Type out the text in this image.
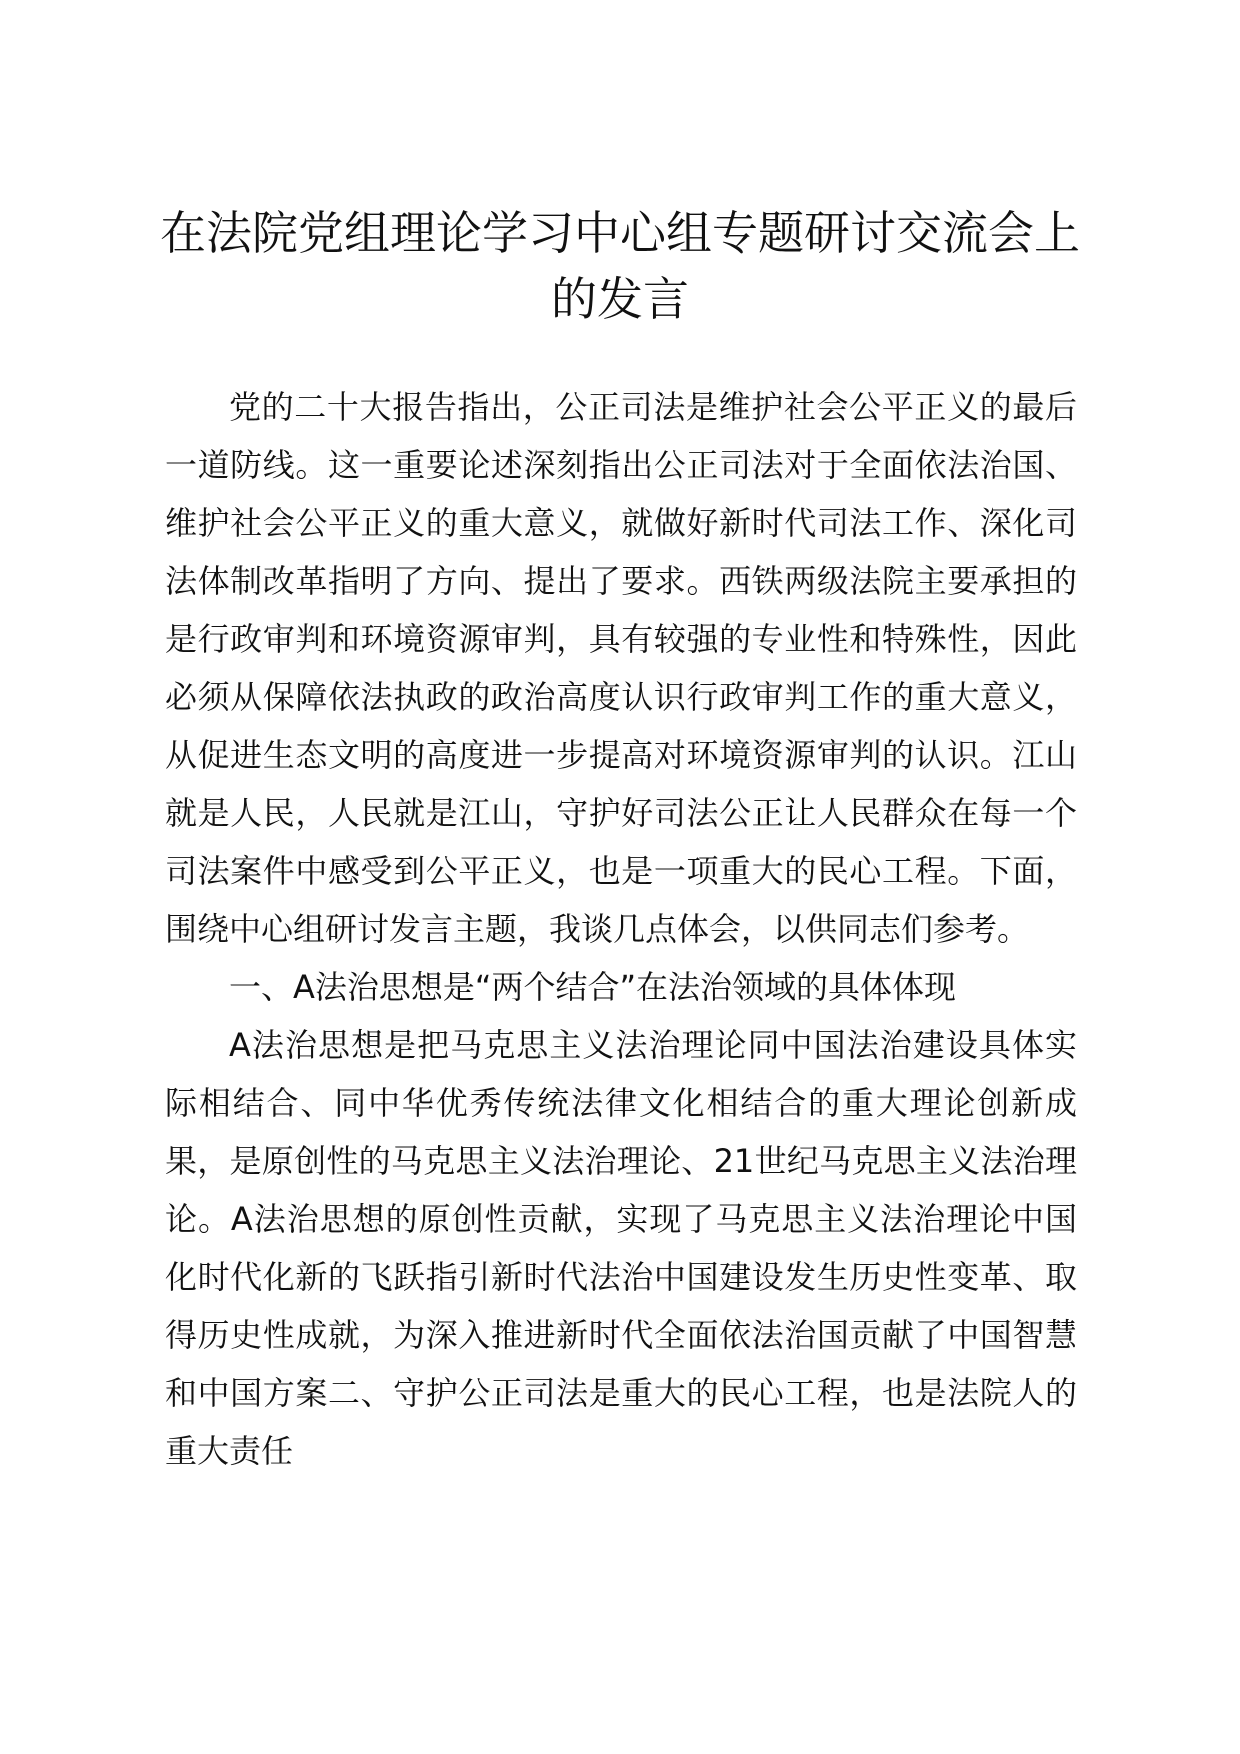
在法院党组理论学习中心组专题研讨交流会上的发言

党的二十大报告指出，公正司法是维护社会公平正义的最后一道防线。这一重要论述深刻指出公正司法对于全面依法治国、维护社会公平正义的重大意义，就做好新时代司法工作、深化司法体制改革指明了方向、提出了要求。西铁两级法院主要承担的是行政审判和环境资源审判，具有较强的专业性和特殊性，因此必须从保障依法执政的政治高度认识行政审判工作的重大意义，从促进生态文明的高度进一步提高对环境资源审判的认识。江山就是人民，人民就是江山，守护好司法公正让人民群众在每一个司法案件中感受到公平正义，也是一项重大的民心工程。下面，围绕中心组研讨发言主题，我谈几点体会，以供同志们参考。

一、A法治思想是“两个结合”在法治领域的具体体现

A法治思想是把马克思主义法治理论同中国法治建设具体实际相结合、同中华优秀传统法律文化相结合的重大理论创新成果，是原创性的马克思主义法治理论、21世纪马克思主义法治理论。A法治思想的原创性贡献，实现了马克思主义法治理论中国化时代化新的飞跃指引新时代法治中国建设发生历史性变革、取得历史性成就，为深入推进新时代全面依法治国贡献了中国智慧和中国方案二、守护公正司法是重大的民心工程，也是法院人的重大责任
